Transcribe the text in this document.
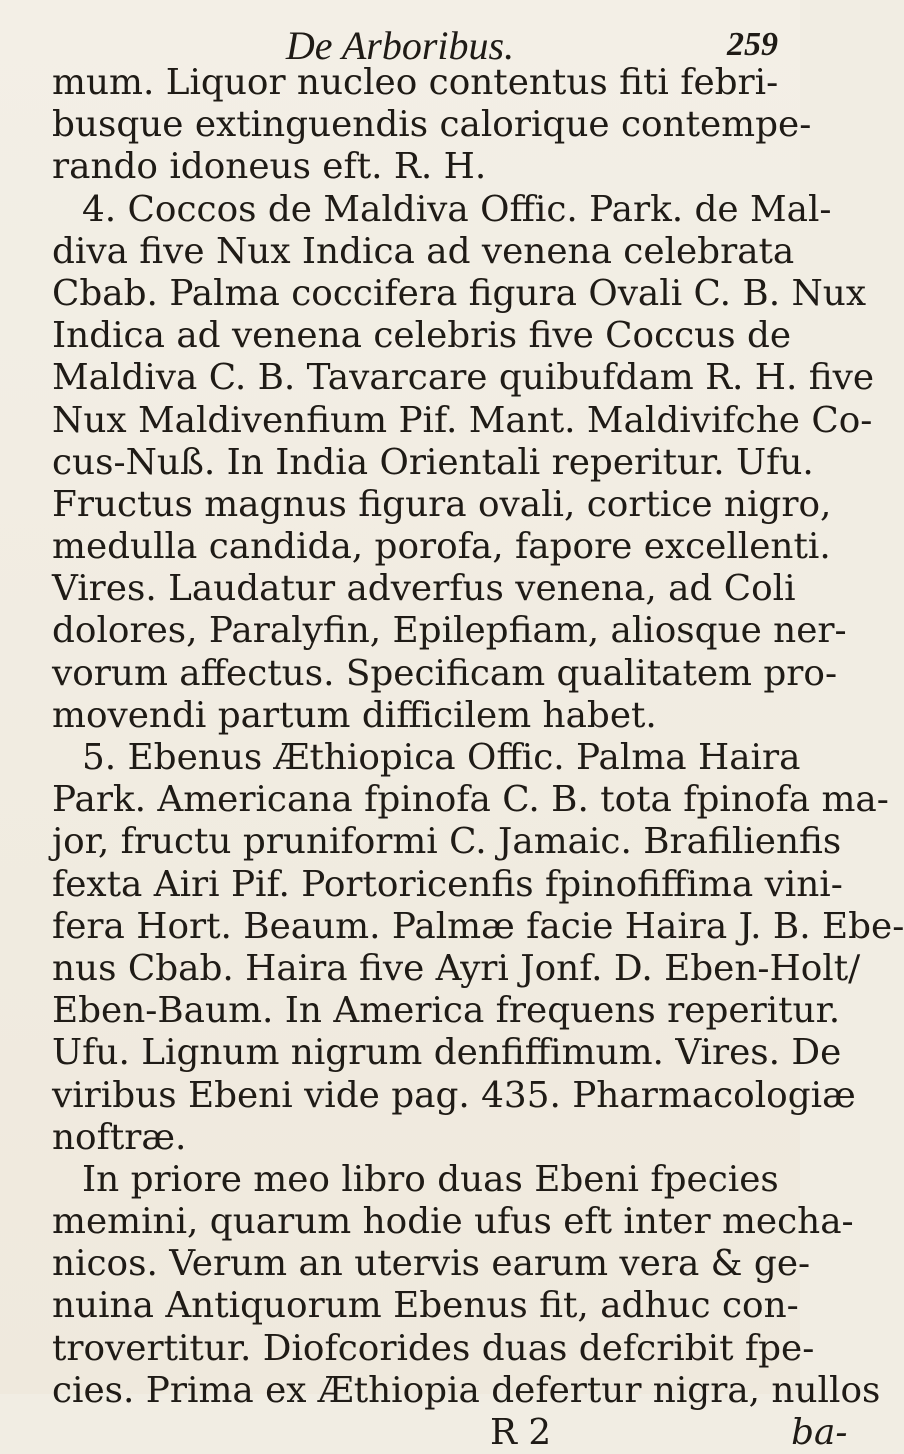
De Arboribus.	259
mum. Liquor nucleo contentus fiti febri-
busque extinguendis calorique contempe-
rando idoneus eft. R. H.
4. Coccos de Maldiva Offic. Park. de Mal-
diva five Nux Indica ad venena celebrata
Cbab. Palma coccifera figura Ovali C. B. Nux
Indica ad venena celebris five Coccus de
Maldiva C. B. Tavarcare quibufdam R. H. five
Nux Maldivenfium Pif. Mant. Maldivifche Co-
cus-Nuß. In India Orientali reperitur. Ufu.
Fructus magnus figura ovali, cortice nigro,
medulla candida, porofa, fapore excellenti.
Vires. Laudatur adverfus venena, ad Coli
dolores, Paralyfin, Epilepfiam, aliosque ner-
vorum affectus. Specificam qualitatem pro-
movendi partum difficilem habet.
5. Ebenus Æthiopica Offic. Palma Haira
Park. Americana fpinofa C. B. tota fpinofa ma-
jor, fructu pruniformi C. Jamaic. Brafilienfis
fexta Airi Pif. Portoricenfis fpinofiffima vini-
fera Hort. Beaum. Palmæ facie Haira J. B. Ebe-
nus Cbab. Haira five Ayri Jonf. D. Eben-Holt/
Eben-Baum. In America frequens reperitur.
Ufu. Lignum nigrum denfiffimum. Vires. De
viribus Ebeni vide pag. 435. Pharmacologiæ
noftræ.
In priore meo libro duas Ebeni fpecies
memini, quarum hodie ufus eft inter mecha-
nicos. Verum an utervis earum vera & ge-
nuina Antiquorum Ebenus fit, adhuc con-
trovertitur. Diofcorides duas defcribit fpe-
cies. Prima ex Æthiopia defertur nigra, nullos
R 2	ba-
